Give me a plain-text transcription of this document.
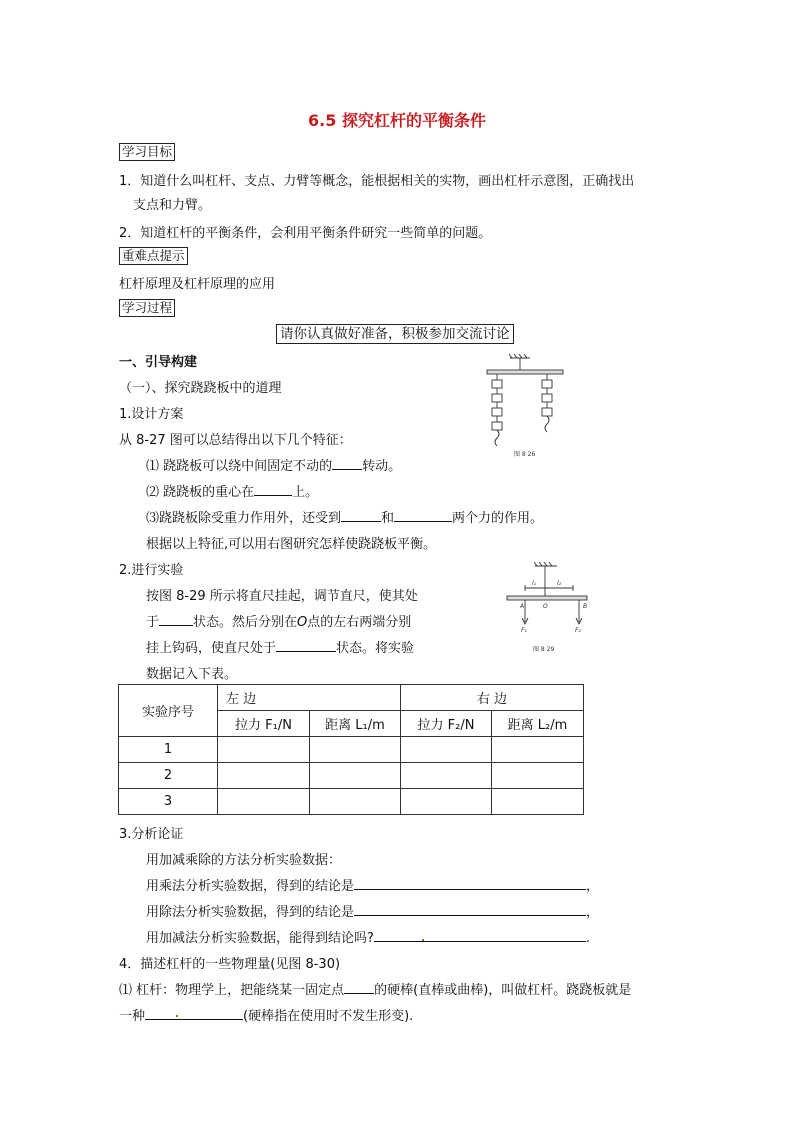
6.5 探究杠杆的平衡条件
学习目标
1．知道什么叫杠杆、支点、力臂等概念，能根据相关的实物，画出杠杆示意图，正确找出
支点和力臂。
2．知道杠杆的平衡条件，会利用平衡条件研究一些简单的问题。
重难点提示
杠杆原理及杠杆原理的应用
学习过程
请你认真做好准备，积极参加交流讨论
一、引导构建
（一）、探究跷跷板中的道理
1.设计方案
从 8-27 图可以总结得出以下几个特征：
⑴ 跷跷板可以绕中间固定不动的 转动。
⑵ 跷跷板的重心在	上。
⑶跷跷板除受重力作用外，还受到	和	两个力的作用。
根据以上特征,可以用右图研究怎样使跷跷板平衡。
2.进行实验
按图 8-29 所示将直尺挂起，调节直尺，使其处
于	状态。然后分别在O点的左右两端分别
挂上钩码，使直尺处于	状态。将实验
数据记入下表。
实验序号	左 边		右 边	
	拉力 F₁/N	距离 L₁/m	拉力 F₂/N	距离 L₂/m
1				
2				
3				
3.分析论证
用加减乘除的方法分析实验数据：
用乘法分析实验数据，得到的结论是	，
用除法分析实验数据，得到的结论是	，
用加减法分析实验数据，能得到结论吗?	.
4．描述杠杆的一些物理量(见图 8-30)
⑴ 杠杆：物理学上，把能绕某一固定点 的硬棒(直棒或曲棒)，叫做杠杆。跷跷板就是
一种	(硬棒指在使用时不发生形变).
图 8 26
l₁	l₂
A	O	B
F₁	F₂
图 8 29
